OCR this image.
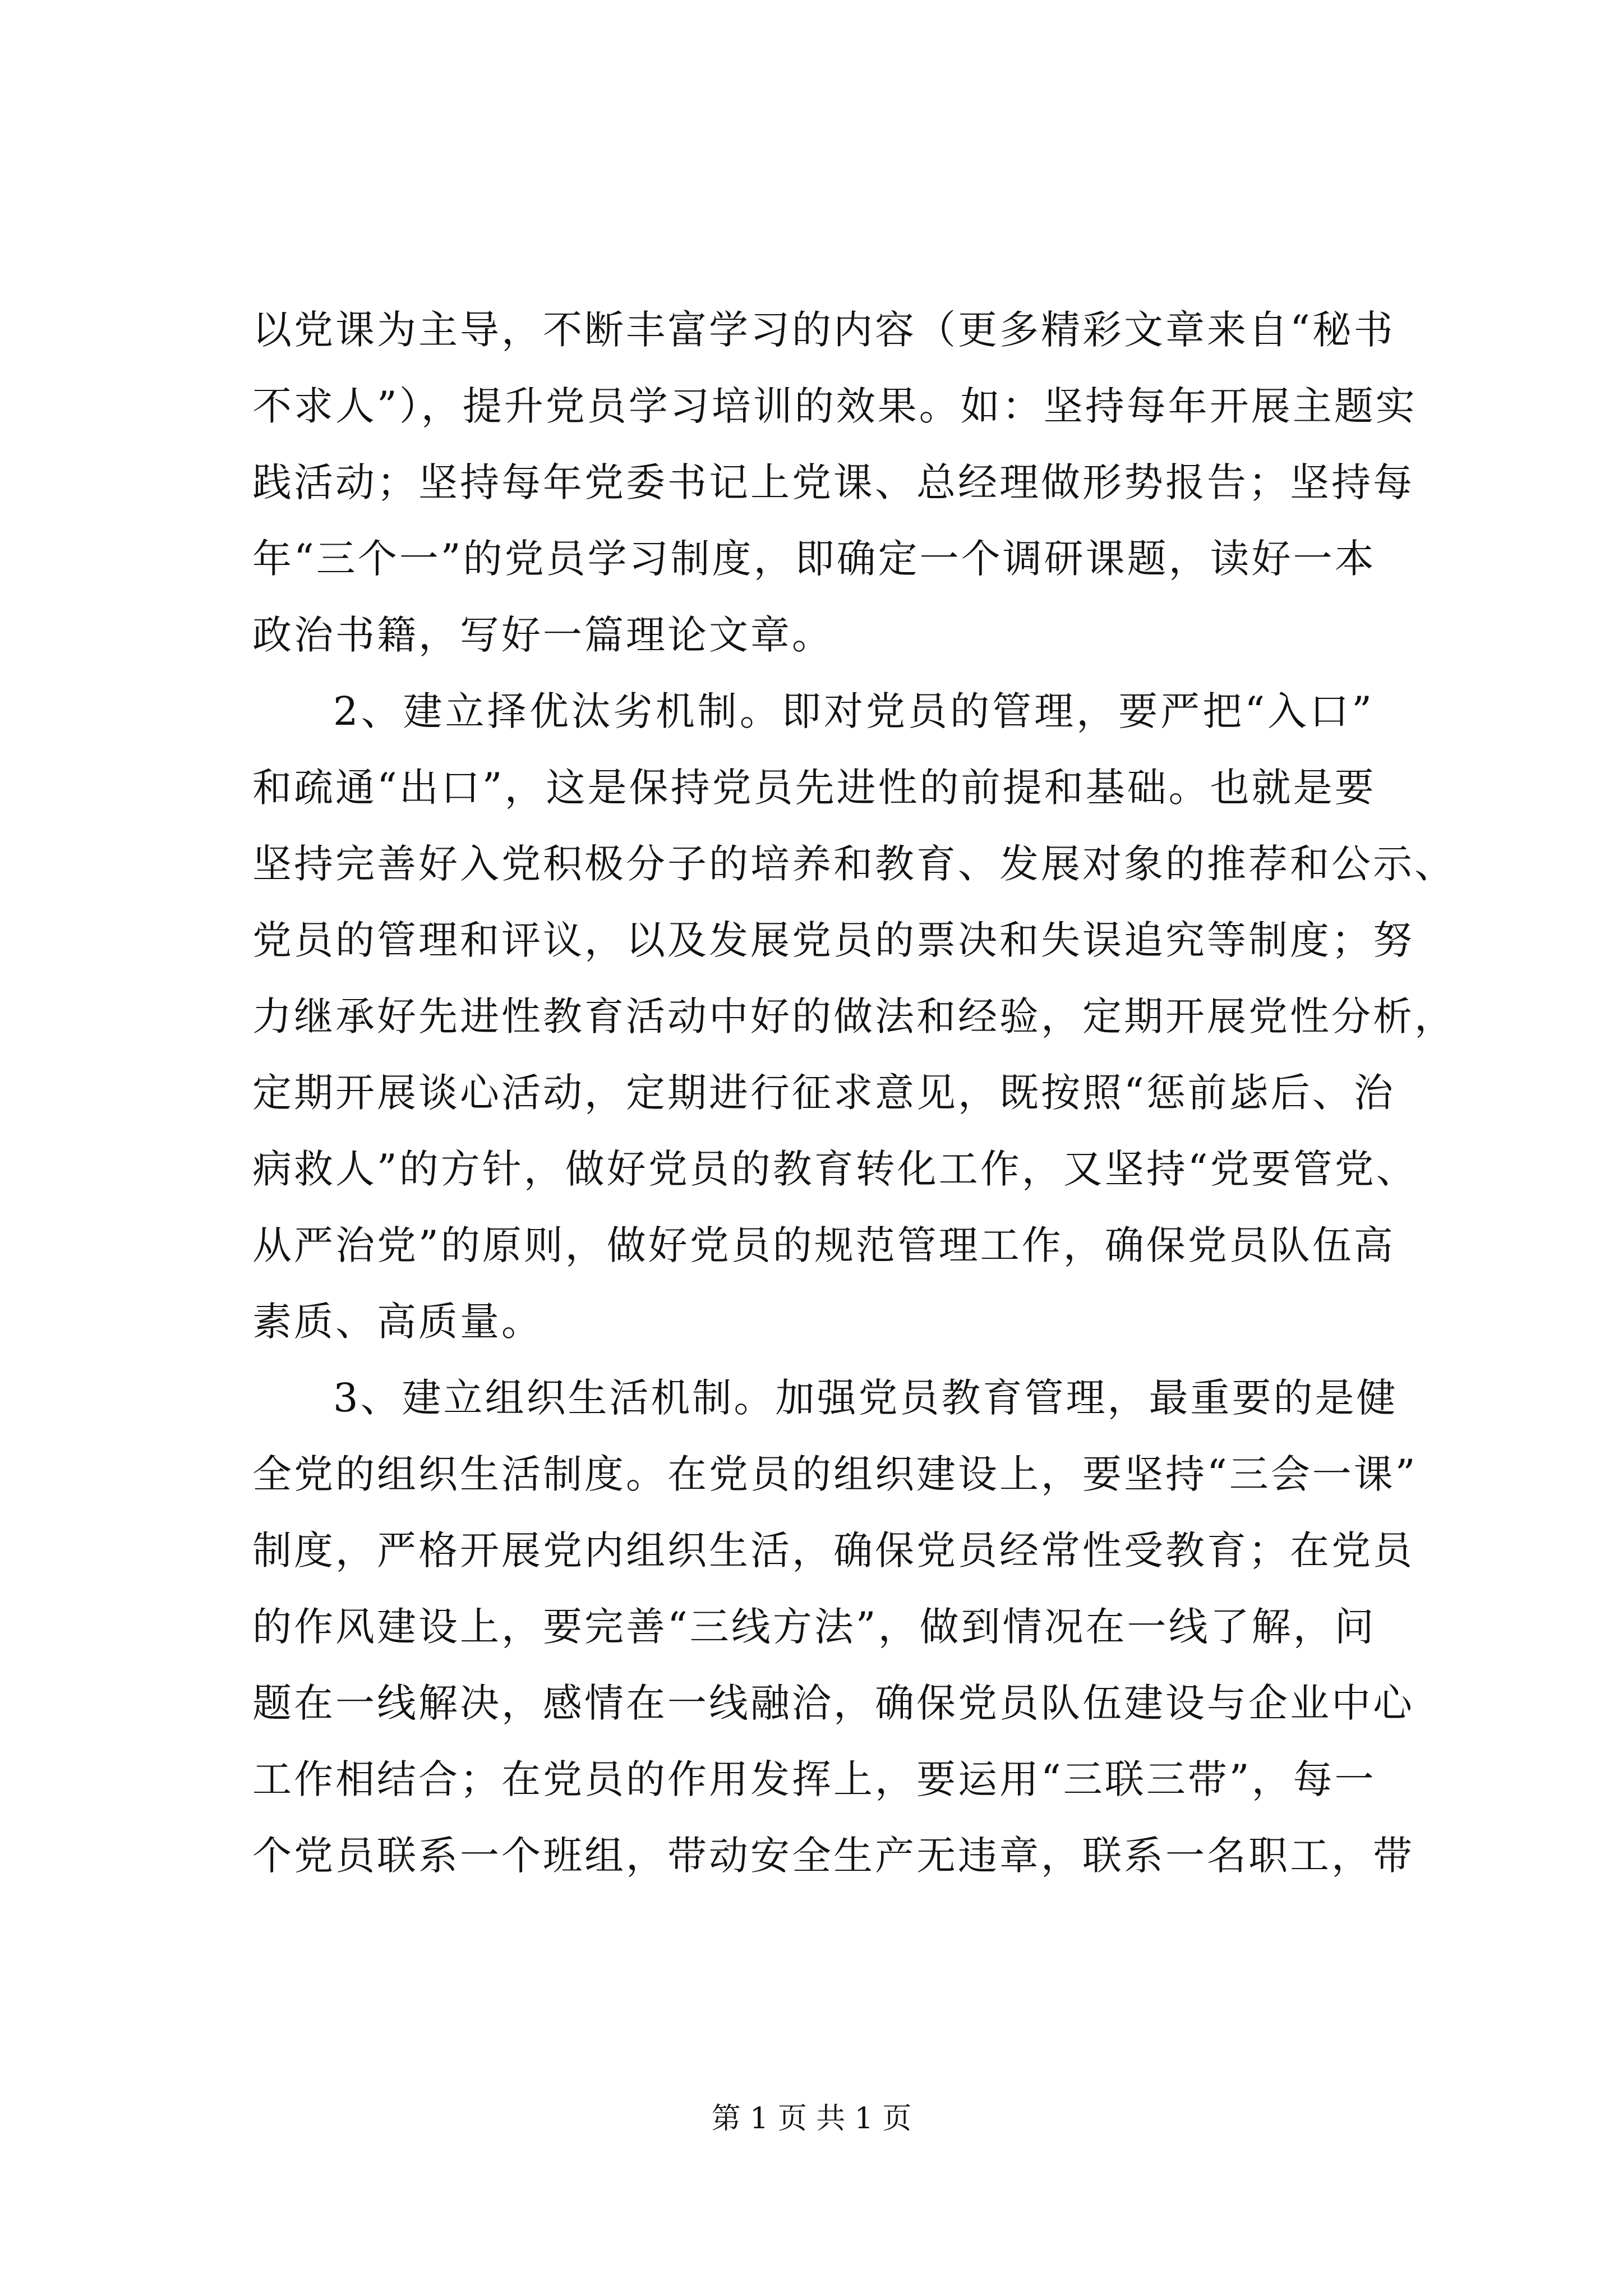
以党课为主导，不断丰富学习的内容（更多精彩文章来自“秘书
不求人”），提升党员学习培训的效果。如：坚持每年开展主题实
践活动；坚持每年党委书记上党课、总经理做形势报告；坚持每
年“三个一”的党员学习制度，即确定一个调研课题，读好一本
政治书籍，写好一篇理论文章。
2、建立择优汰劣机制。即对党员的管理，要严把“入口”
和疏通“出口”，这是保持党员先进性的前提和基础。也就是要
坚持完善好入党积极分子的培养和教育、发展对象的推荐和公示、
党员的管理和评议，以及发展党员的票决和失误追究等制度；努
力继承好先进性教育活动中好的做法和经验，定期开展党性分析，
定期开展谈心活动，定期进行征求意见，既按照“惩前毖后、治
病救人”的方针，做好党员的教育转化工作，又坚持“党要管党、
从严治党”的原则，做好党员的规范管理工作，确保党员队伍高
素质、高质量。
3、建立组织生活机制。加强党员教育管理，最重要的是健
全党的组织生活制度。在党员的组织建设上，要坚持“三会一课”
制度，严格开展党内组织生活，确保党员经常性受教育；在党员
的作风建设上，要完善“三线方法”，做到情况在一线了解，问
题在一线解决，感情在一线融洽，确保党员队伍建设与企业中心
工作相结合；在党员的作用发挥上，要运用“三联三带”，每一
个党员联系一个班组，带动安全生产无违章，联系一名职工，带
第 1 页 共 1 页
